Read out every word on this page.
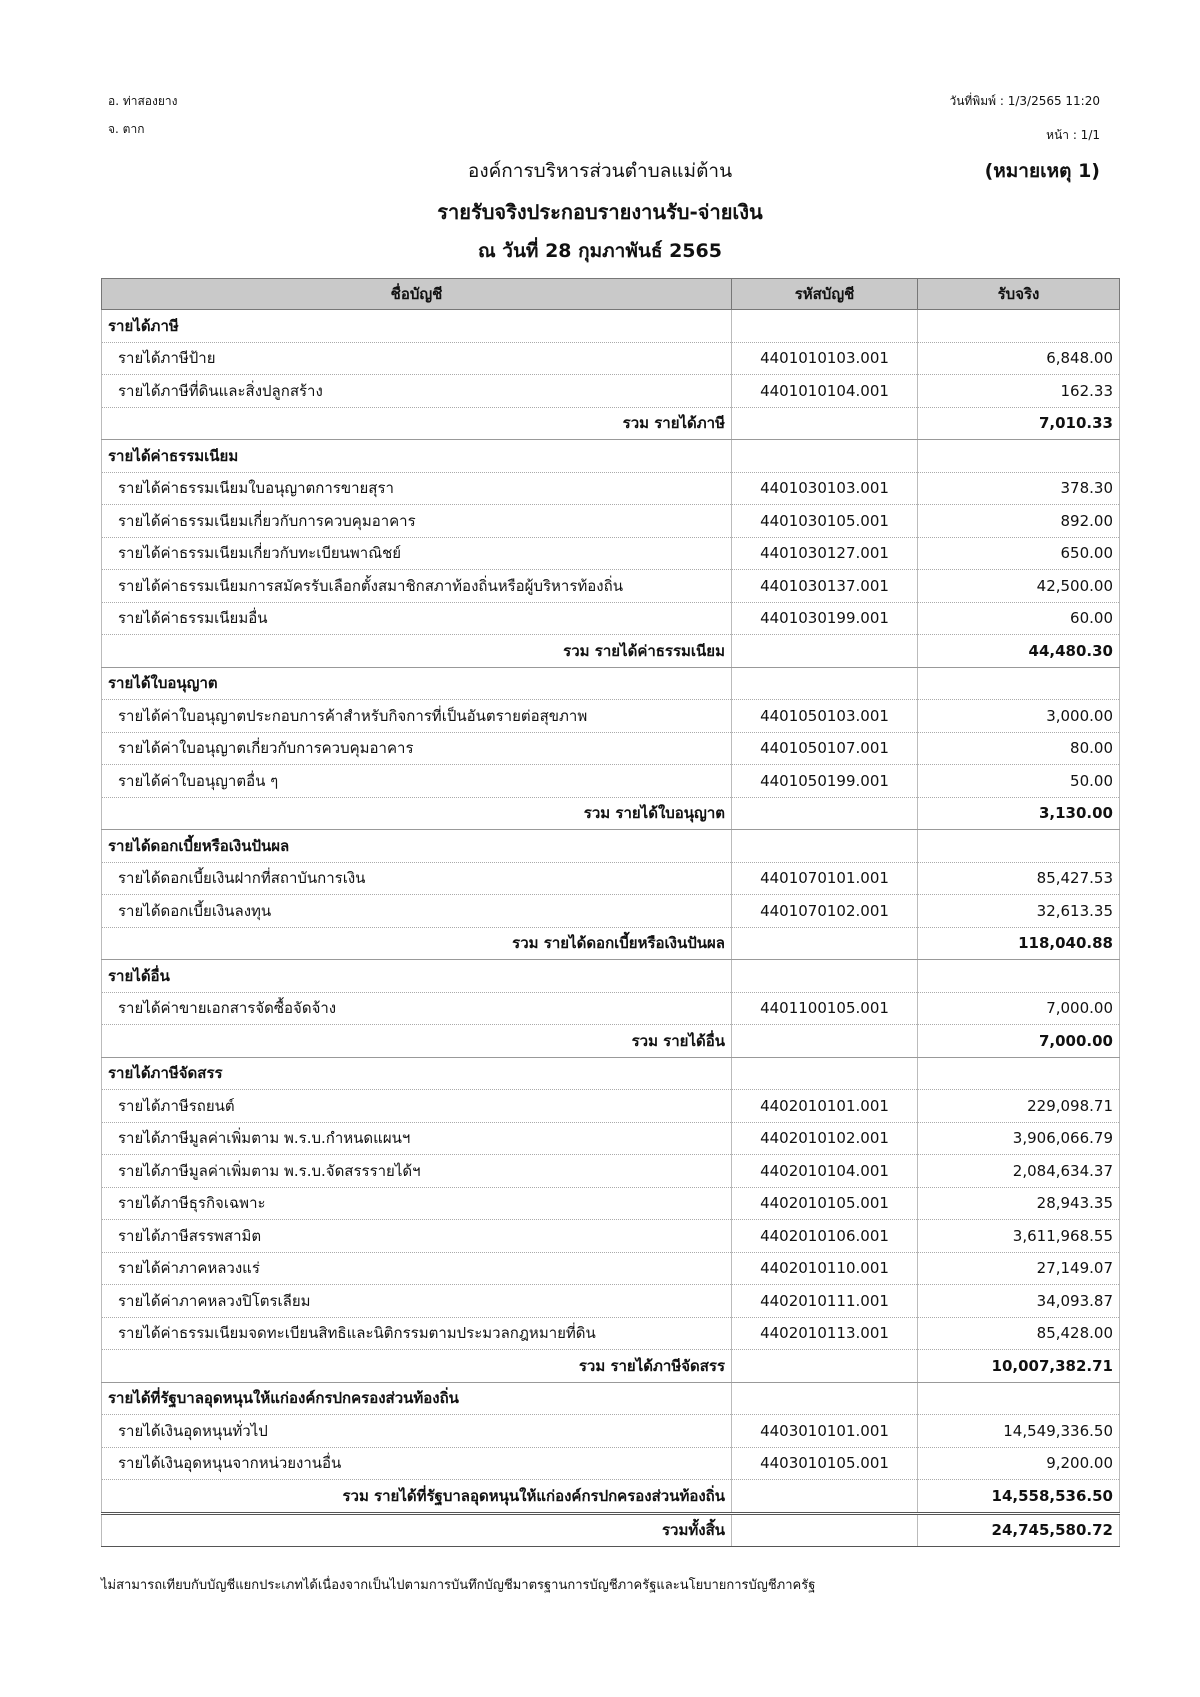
อ. ท่าสองยาง
จ. ตาก
วันที่พิมพ์ : 1/3/2565 11:20
หน้า : 1/1
องค์การบริหารส่วนตำบลแม่ต้าน	(หมายเหตุ 1)
รายรับจริงประกอบรายงานรับ-จ่ายเงิน
ณ วันที่ 28 กุมภาพันธ์ 2565
ชื่อบัญชี	รหัสบัญชี	รับจริง
รายได้ภาษี		
รายได้ภาษีป้าย	4401010103.001	6,848.00
รายได้ภาษีที่ดินและสิ่งปลูกสร้าง	4401010104.001	162.33
รวม รายได้ภาษี		7,010.33
รายได้ค่าธรรมเนียม		
รายได้ค่าธรรมเนียมใบอนุญาตการขายสุรา	4401030103.001	378.30
รายได้ค่าธรรมเนียมเกี่ยวกับการควบคุมอาคาร	4401030105.001	892.00
รายได้ค่าธรรมเนียมเกี่ยวกับทะเบียนพาณิชย์	4401030127.001	650.00
รายได้ค่าธรรมเนียมการสมัครรับเลือกตั้งสมาชิกสภาท้องถิ่นหรือผู้บริหารท้องถิ่น	4401030137.001	42,500.00
รายได้ค่าธรรมเนียมอื่น	4401030199.001	60.00
รวม รายได้ค่าธรรมเนียม		44,480.30
รายได้ใบอนุญาต		
รายได้ค่าใบอนุญาตประกอบการค้าสำหรับกิจการที่เป็นอันตรายต่อสุขภาพ	4401050103.001	3,000.00
รายได้ค่าใบอนุญาตเกี่ยวกับการควบคุมอาคาร	4401050107.001	80.00
รายได้ค่าใบอนุญาตอื่น ๆ	4401050199.001	50.00
รวม รายได้ใบอนุญาต		3,130.00
รายได้ดอกเบี้ยหรือเงินปันผล		
รายได้ดอกเบี้ยเงินฝากที่สถาบันการเงิน	4401070101.001	85,427.53
รายได้ดอกเบี้ยเงินลงทุน	4401070102.001	32,613.35
รวม รายได้ดอกเบี้ยหรือเงินปันผล		118,040.88
รายได้อื่น		
รายได้ค่าขายเอกสารจัดซื้อจัดจ้าง	4401100105.001	7,000.00
รวม รายได้อื่น		7,000.00
รายได้ภาษีจัดสรร		
รายได้ภาษีรถยนต์	4402010101.001	229,098.71
รายได้ภาษีมูลค่าเพิ่มตาม พ.ร.บ.กำหนดแผนฯ	4402010102.001	3,906,066.79
รายได้ภาษีมูลค่าเพิ่มตาม พ.ร.บ.จัดสรรรายได้ฯ	4402010104.001	2,084,634.37
รายได้ภาษีธุรกิจเฉพาะ	4402010105.001	28,943.35
รายได้ภาษีสรรพสามิต	4402010106.001	3,611,968.55
รายได้ค่าภาคหลวงแร่	4402010110.001	27,149.07
รายได้ค่าภาคหลวงปิโตรเลียม	4402010111.001	34,093.87
รายได้ค่าธรรมเนียมจดทะเบียนสิทธิและนิติกรรมตามประมวลกฎหมายที่ดิน	4402010113.001	85,428.00
รวม รายได้ภาษีจัดสรร		10,007,382.71
รายได้ที่รัฐบาลอุดหนุนให้แก่องค์กรปกครองส่วนท้องถิ่น		
รายได้เงินอุดหนุนทั่วไป	4403010101.001	14,549,336.50
รายได้เงินอุดหนุนจากหน่วยงานอื่น	4403010105.001	9,200.00
รวม รายได้ที่รัฐบาลอุดหนุนให้แก่องค์กรปกครองส่วนท้องถิ่น		14,558,536.50
รวมทั้งสิ้น		24,745,580.72
ไม่สามารถเทียบกับบัญชีแยกประเภทได้เนื่องจากเป็นไปตามการบันทึกบัญชีมาตรฐานการบัญชีภาครัฐและนโยบายการบัญชีภาครัฐ
